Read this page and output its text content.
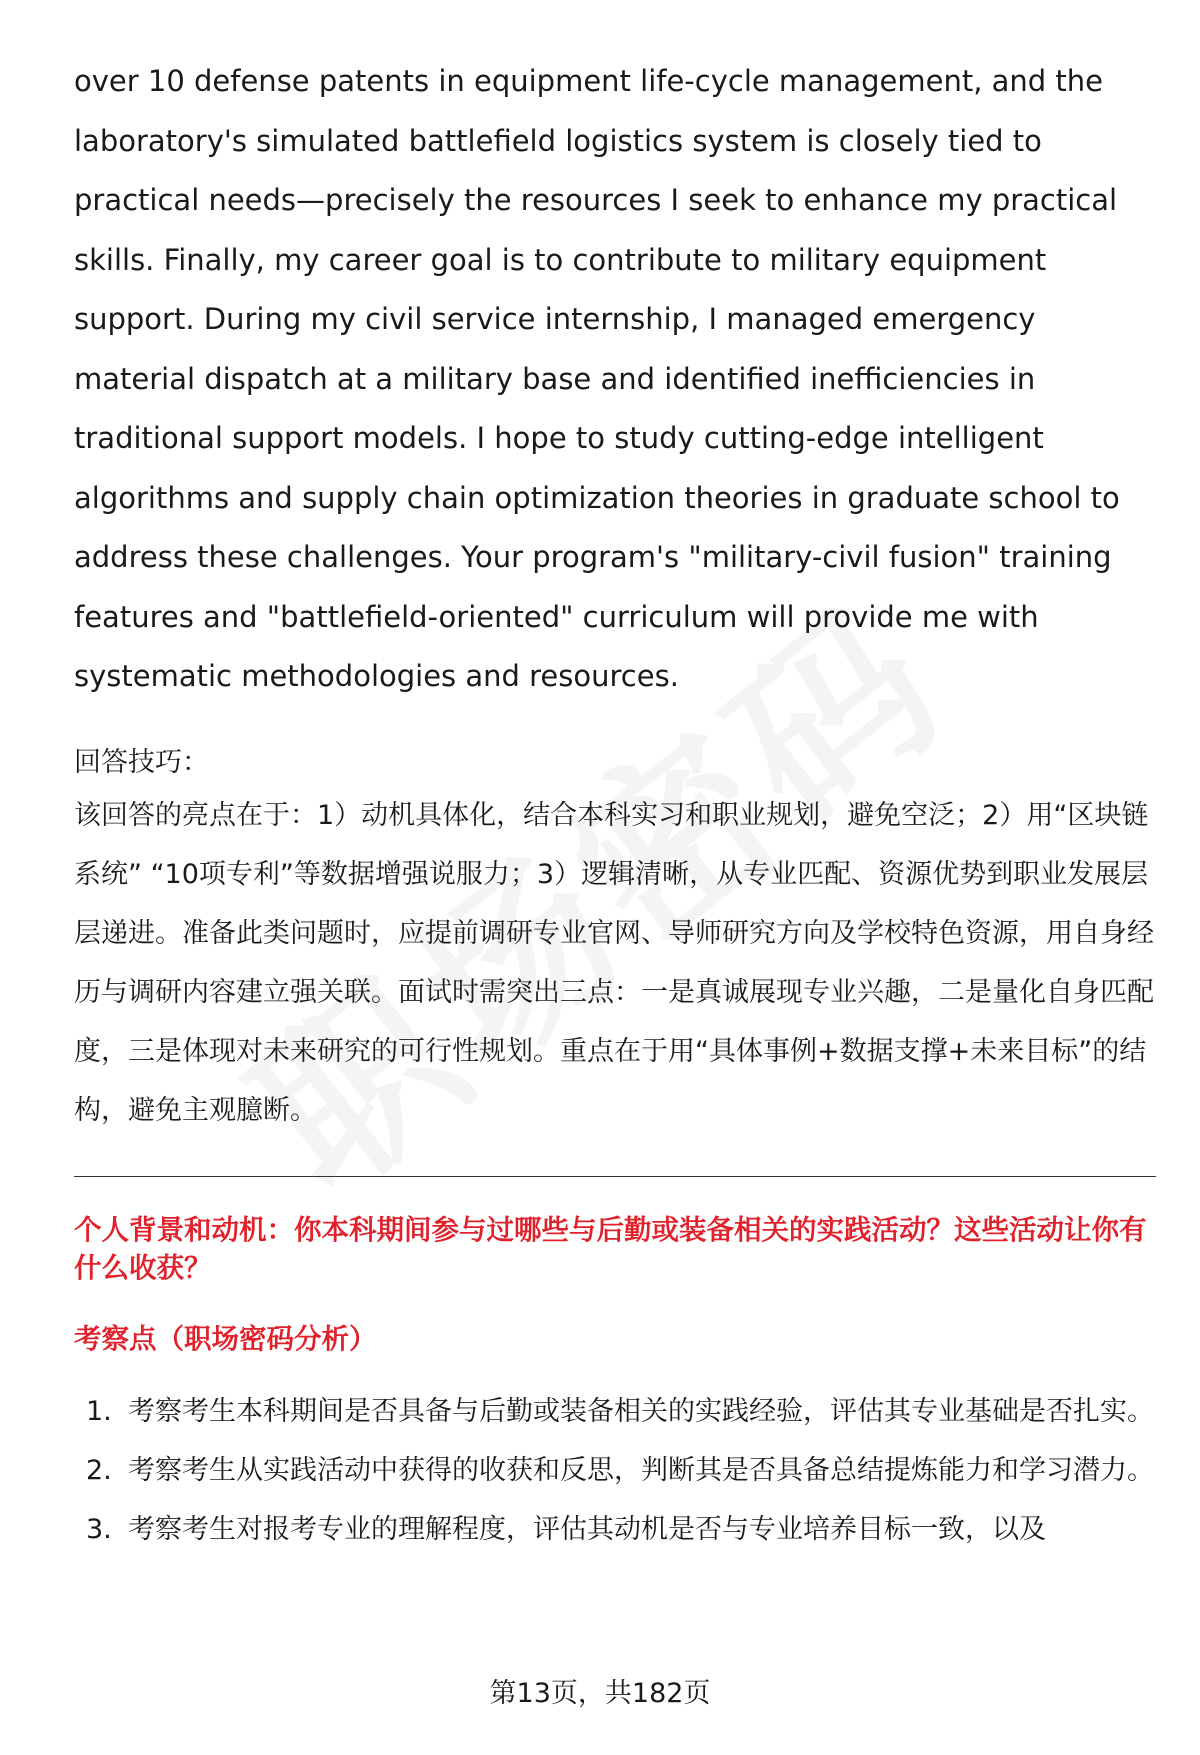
over 10 defense patents in equipment life-cycle management, and the laboratory's simulated battlefield logistics system is closely tied to practical needs—precisely the resources I seek to enhance my practical skills. Finally, my career goal is to contribute to military equipment support. During my civil service internship, I managed emergency material dispatch at a military base and identified inefficiencies in traditional support models. I hope to study cutting-edge intelligent algorithms and supply chain optimization theories in graduate school to address these challenges. Your program's "military-civil fusion" training features and "battlefield-oriented" curriculum will provide me with systematic methodologies and resources.

回答技巧：

该回答的亮点在于：1）动机具体化，结合本科实习和职业规划，避免空泛；2）用“区块链系统” “10项专利”等数据增强说服力；3）逻辑清晰，从专业匹配、资源优势到职业发展层层递进。准备此类问题时，应提前调研专业官网、导师研究方向及学校特色资源，用自身经历与调研内容建立强关联。面试时需突出三点：一是真诚展现专业兴趣，二是量化自身匹配度，三是体现对未来研究的可行性规划。重点在于用“具体事例+数据支撑+未来目标”的结构，避免主观臆断。

个人背景和动机：你本科期间参与过哪些与后勤或装备相关的实践活动？这些活动让你有什么收获？

考察点（职场密码分析）

1. 考察考生本科期间是否具备与后勤或装备相关的实践经验，评估其专业基础是否扎实。
2. 考察考生从实践活动中获得的收获和反思，判断其是否具备总结提炼能力和学习潜力。
3. 考察考生对报考专业的理解程度，评估其动机是否与专业培养目标一致，以及
第13页，共182页
